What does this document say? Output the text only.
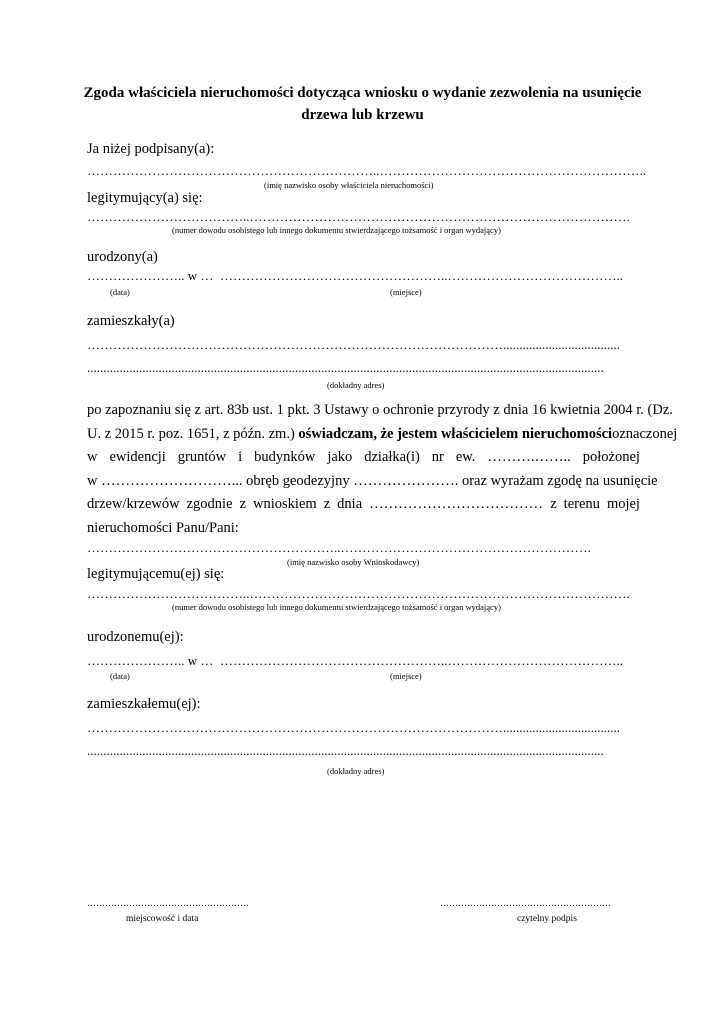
Zgoda właściciela nieruchomości dotycząca wniosku o wydanie zezwolenia na usunięcie drzewa lub krzewu
Ja niżej podpisany(a):
…………………………………………………………..……………………………………………………..
(imię nazwisko osoby właściciela nieruchomości)
legitymujący(a) się:
………………………………..…………………………………………………………………………….
(numer dowodu osobistego lub innego dokumentu stwierdzającego tożsamość i organ wydający)
urodzony(a)
………………….. w … ……………………………………………..…………………………………..
(data)	(miejsce)
zamieszkały(a)
……………………………………………………………………………………....................................
...............................................................................................................................................................
(dokładny adres)
po zapoznaniu się z art. 83b ust. 1 pkt. 3 Ustawy o ochronie przyrody z dnia 16 kwietnia 2004 r. (Dz.
U. z 2015 r. poz. 1651, z późn. zm.) oświadczam, że jestem właścicielem nieruchomości oznaczonej
w ewidencji gruntów i budynków jako działka(i) nr ew. ……….…….. położonej
w ………………………... obręb geodezyjny …………………. oraz wyrażam zgodę na usunięcie
drzew/krzewów zgodnie z wnioskiem z dnia ……………………………… z terenu mojej
nieruchomości Panu/Pani:
…………………………………………………..………………………………………………….
(imię nazwisko osoby Wnioskodawcy)
legitymującemu(ej) się:
………………………………..…………………………………………………………………………….
(numer dowodu osobistego lub innego dokumentu stwierdzającego tożsamość i organ wydający)
urodzonemu(ej):
………………….. w … ……………………………………………..…………………………………..
(data)	(miejsce)
zamieszkałemu(ej):
……………………………………………………………………………………....................................
...............................................................................................................................................................
(dokładny adres)
………………………………………………
miejscowość i data
…………………………………………………
czytelny podpis
